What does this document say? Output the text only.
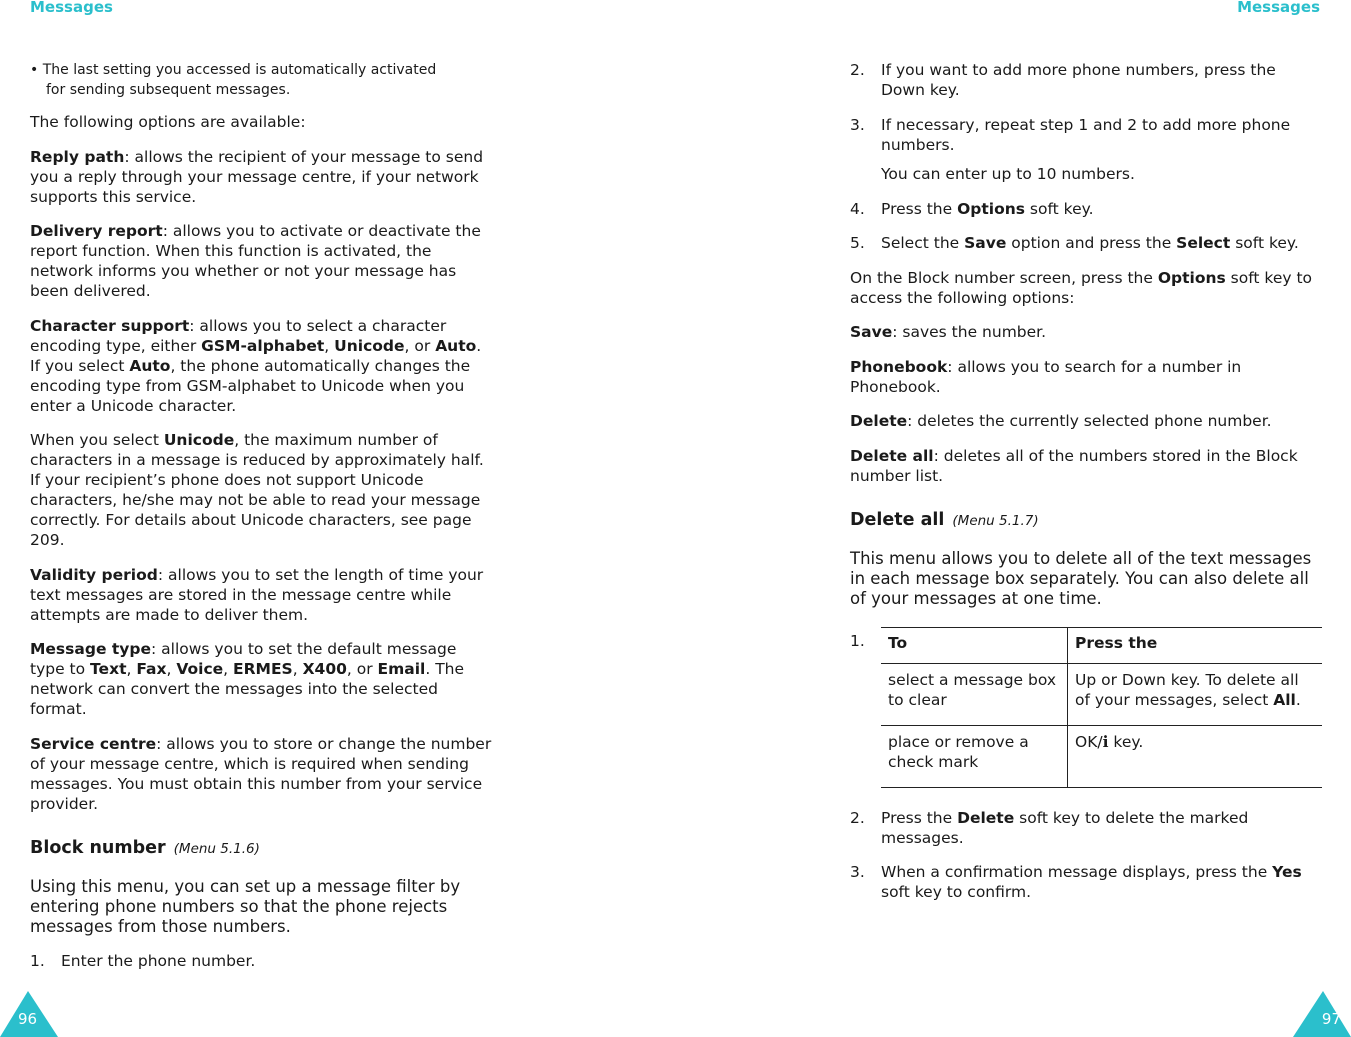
Messages
• The last setting you accessed is automatically activated
for sending subsequent messages.

The following options are available:

Reply path: allows the recipient of your message to send you a reply through your message centre, if your network supports this service.

Delivery report: allows you to activate or deactivate the report function. When this function is activated, the network informs you whether or not your message has been delivered.

Character support: allows you to select a character encoding type, either GSM-alphabet, Unicode, or Auto. If you select Auto, the phone automatically changes the encoding type from GSM-alphabet to Unicode when you enter a Unicode character.

When you select Unicode, the maximum number of characters in a message is reduced by approximately half. If your recipient’s phone does not support Unicode characters, he/she may not be able to read your message correctly. For details about Unicode characters, see page 209.

Validity period: allows you to set the length of time your text messages are stored in the message centre while attempts are made to deliver them.

Message type: allows you to set the default message type to Text, Fax, Voice, ERMES, X400, or Email. The network can convert the messages into the selected format.

Service centre: allows you to store or change the number of your message centre, which is required when sending messages. You must obtain this number from your service provider.

Block number (Menu 5.1.6)

Using this menu, you can set up a message filter by entering phone numbers so that the phone rejects messages from those numbers.

1. Enter the phone number.
96
Messages
2. If you want to add more phone numbers, press the Down key.
3. If necessary, repeat step 1 and 2 to add more phone numbers.
You can enter up to 10 numbers.
4. Press the Options soft key.
5. Select the Save option and press the Select soft key.

On the Block number screen, press the Options soft key to access the following options:

Save: saves the number.

Phonebook: allows you to search for a number in Phonebook.

Delete: deletes the currently selected phone number.

Delete all: deletes all of the numbers stored in the Block number list.

Delete all (Menu 5.1.7)

This menu allows you to delete all of the text messages in each message box separately. You can also delete all of your messages at one time.

1. To	Press the
select a message box to clear	Up or Down key. To delete all of your messages, select All.
place or remove a check mark	OK/ℹ key.
2. Press the Delete soft key to delete the marked messages.
3. When a confirmation message displays, press the Yes soft key to confirm.
97
